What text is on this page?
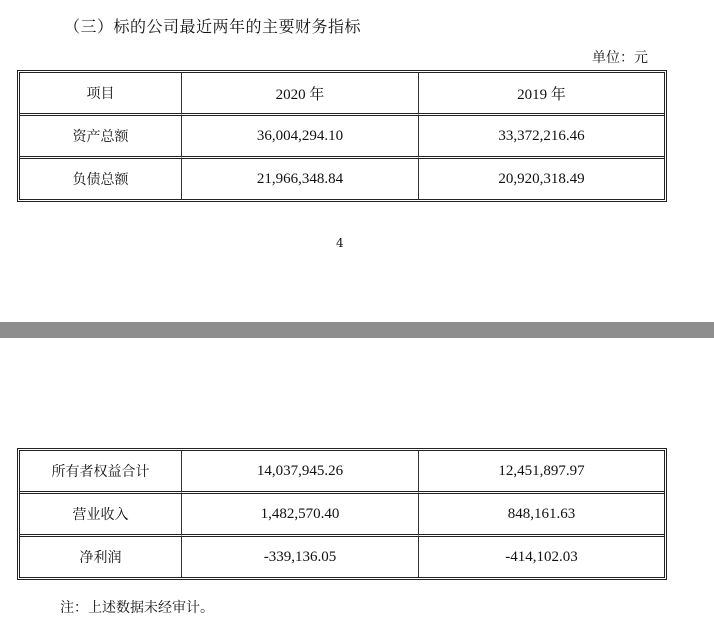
（三）标的公司最近两年的主要财务指标
单位：元
项目	2020 年	2019 年
资产总额	36,004,294.10	33,372,216.46
负债总额	21,966,348.84	20,920,318.49
4
所有者权益合计	14,037,945.26	12,451,897.97
营业收入	1,482,570.40	848,161.63
净利润	-339,136.05	-414,102.03
注：上述数据未经审计。
